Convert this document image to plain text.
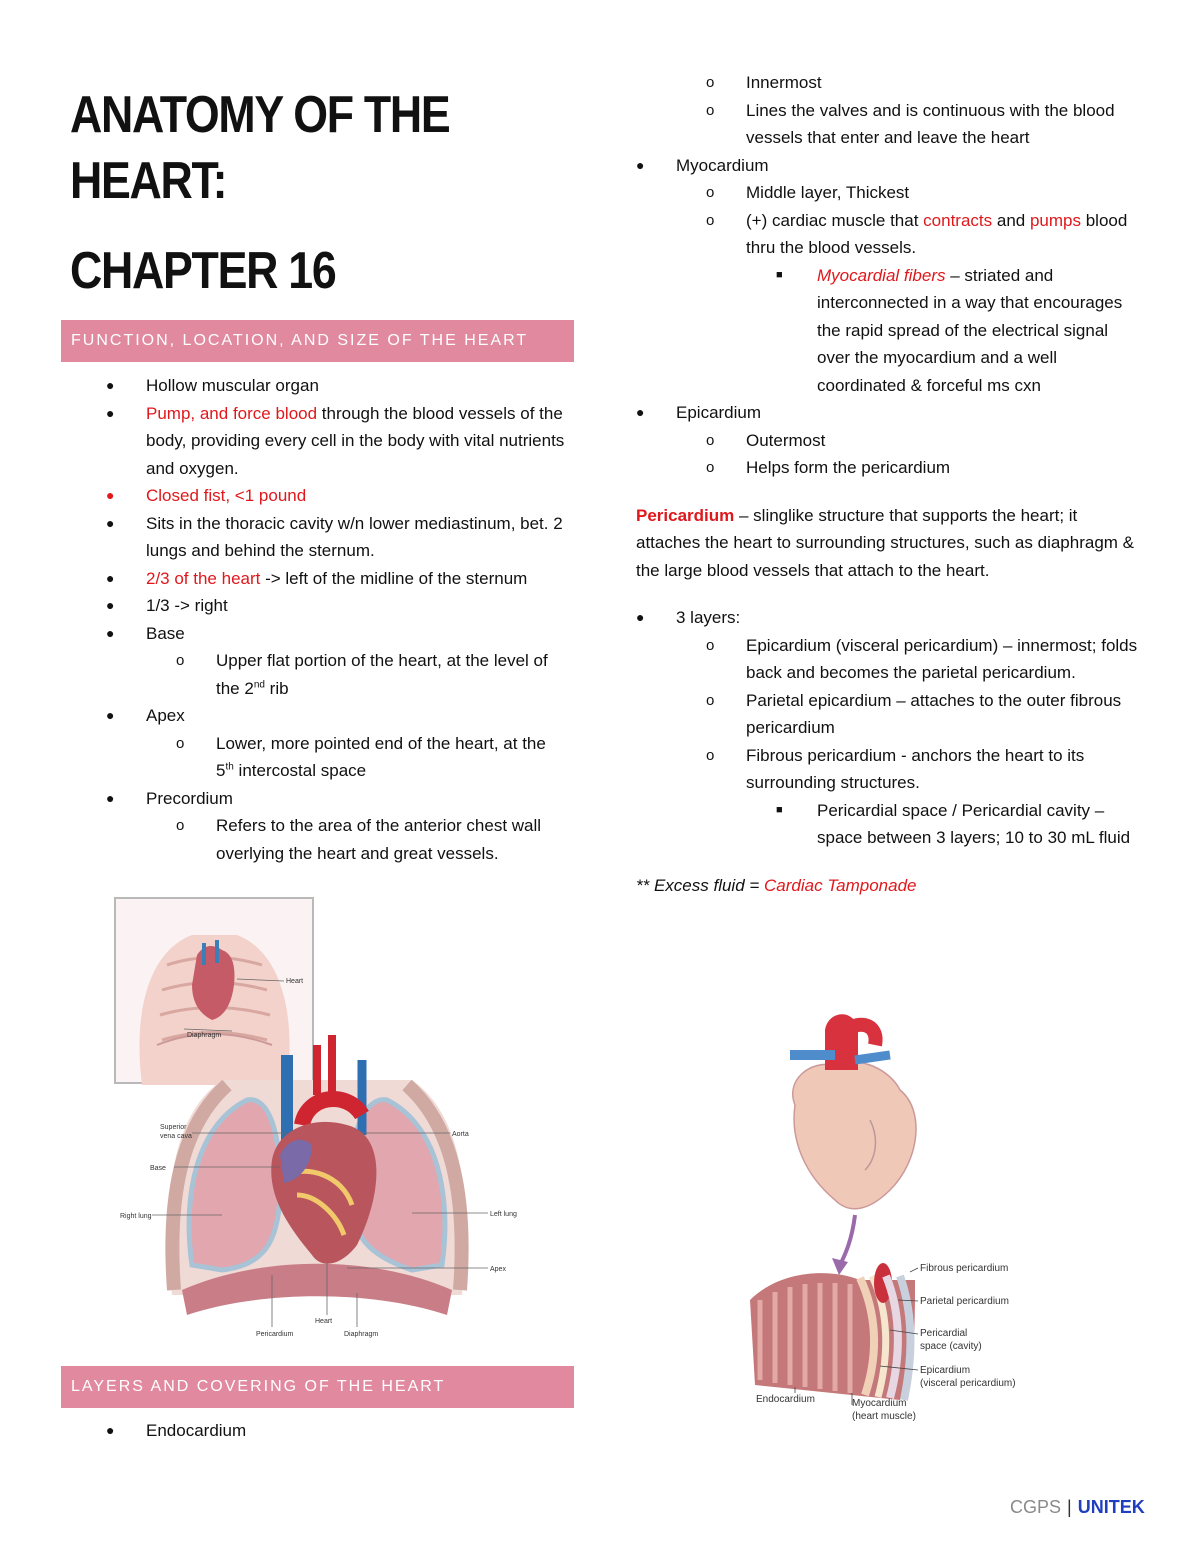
ANATOMY OF THE
HEART:
CHAPTER 16
FUNCTION, LOCATION, AND SIZE OF THE HEART
● Hollow muscular organ
● Pump, and force blood through the blood vessels of the body, providing every cell in the body with vital nutrients and oxygen.
● Closed fist, <1 pound
● Sits in the thoracic cavity w/n lower mediastinum, bet. 2 lungs and behind the sternum.
● 2/3 of the heart -> left of the midline of the sternum
● 1/3 -> right
● Base
o Upper flat portion of the heart, at the level of the 2nd rib
● Apex
o Lower, more pointed end of the heart, at the 5th intercostal space
● Precordium
o Refers to the area of the anterior chest wall overlying the heart and great vessels.
Heart
Diaphragm
Superior
vena cava
Base
Right lung
Aorta
Left lung
Apex
Heart
Pericardium	Diaphragm
LAYERS AND COVERING OF THE HEART
● Endocardium
o Innermost
o Lines the valves and is continuous with the blood vessels that enter and leave the heart
● Myocardium
o Middle layer, Thickest
o (+) cardiac muscle that contracts and pumps blood thru the blood vessels.
■ Myocardial fibers – striated and interconnected in a way that encourages the rapid spread of the electrical signal over the myocardium and a well coordinated & forceful ms cxn
● Epicardium
o Outermost
o Helps form the pericardium
Pericardium – slinglike structure that supports the heart; it attaches the heart to surrounding structures, such as diaphragm & the large blood vessels that attach to the heart.
● 3 layers:
o Epicardium (visceral pericardium) – innermost; folds back and becomes the parietal pericardium.
o Parietal epicardium – attaches to the outer fibrous pericardium
o Fibrous pericardium - anchors the heart to its surrounding structures.
■ Pericardial space / Pericardial cavity – space between 3 layers; 10 to 30 mL fluid
** Excess fluid = Cardiac Tamponade
Fibrous pericardium
Parietal pericardium
Pericardial
space (cavity)
Epicardium
(visceral pericardium)
Endocardium	Myocardium
(heart muscle)
CGPS | UNITEK
